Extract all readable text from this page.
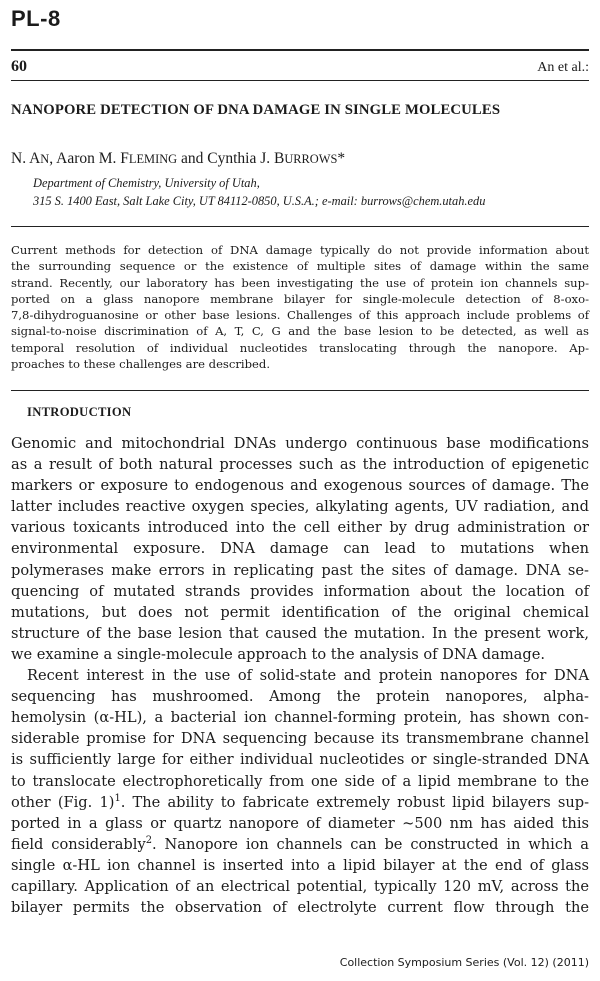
PL-8
60	An et al.:
NANOPORE DETECTION OF DNA DAMAGE IN SINGLE MOLECULES
N. AN, Aaron M. FLEMING and Cynthia J. BURROWS*
Department of Chemistry, University of Utah,
315 S. 1400 East, Salt Lake City, UT 84112-0850, U.S.A.; e-mail: burrows@chem.utah.edu
Current methods for detection of DNA damage typically do not provide information about
the surrounding sequence or the existence of multiple sites of damage within the same
strand. Recently, our laboratory has been investigating the use of protein ion channels sup-
ported on a glass nanopore membrane bilayer for single-molecule detection of 8-oxo-
7,8-dihydroguanosine or other base lesions. Challenges of this approach include problems of
signal-to-noise discrimination of A, T, C, G and the base lesion to be detected, as well as
temporal resolution of individual nucleotides translocating through the nanopore. Ap-
proaches to these challenges are described.
INTRODUCTION

Genomic and mitochondrial DNAs undergo continuous base modifications
as a result of both natural processes such as the introduction of epigenetic
markers or exposure to endogenous and exogenous sources of damage. The
latter includes reactive oxygen species, alkylating agents, UV radiation, and
various toxicants introduced into the cell either by drug administration or
environmental exposure. DNA damage can lead to mutations when
polymerases make errors in replicating past the sites of damage. DNA se-
quencing of mutated strands provides information about the location of
mutations, but does not permit identification of the original chemical
structure of the base lesion that caused the mutation. In the present work,
we examine a single-molecule approach to the analysis of DNA damage.

Recent interest in the use of solid-state and protein nanopores for DNA
sequencing has mushroomed. Among the protein nanopores, alpha-
hemolysin (α-HL), a bacterial ion channel-forming protein, has shown con-
siderable promise for DNA sequencing because its transmembrane channel
is sufficiently large for either individual nucleotides or single-stranded DNA
to translocate electrophoretically from one side of a lipid membrane to the
other (Fig. 1)$^1$. The ability to fabricate extremely robust lipid bilayers sup-
ported in a glass or quartz nanopore of diameter ~500 nm has aided this
field considerably$^2$. Nanopore ion channels can be constructed in which a
single α-HL ion channel is inserted into a lipid bilayer at the end of glass
capillary. Application of an electrical potential, typically 120 mV, across the
bilayer permits the observation of electrolyte current flow through the

Collection Symposium Series (Vol. 12) (2011)
